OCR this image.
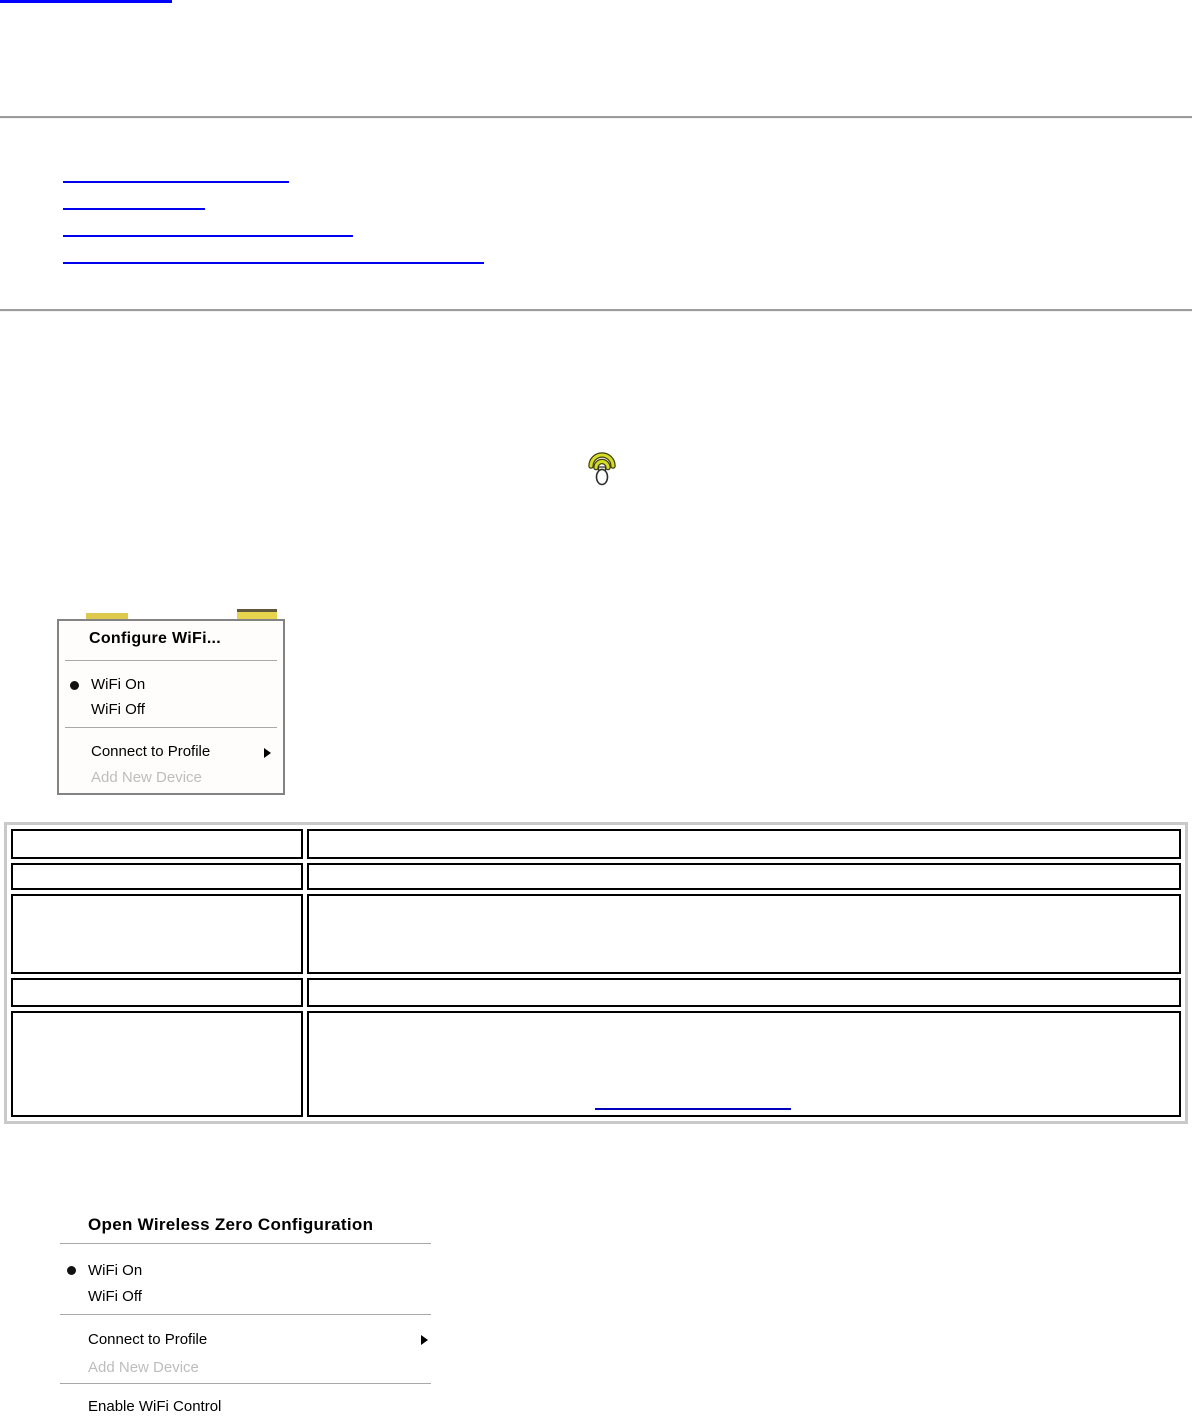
Configure WiFi...
WiFi On
WiFi Off
Connect to Profile
Add New Device

Open Wireless Zero Configuration
WiFi On
WiFi Off
Connect to Profile
Add New Device
Enable WiFi Control
